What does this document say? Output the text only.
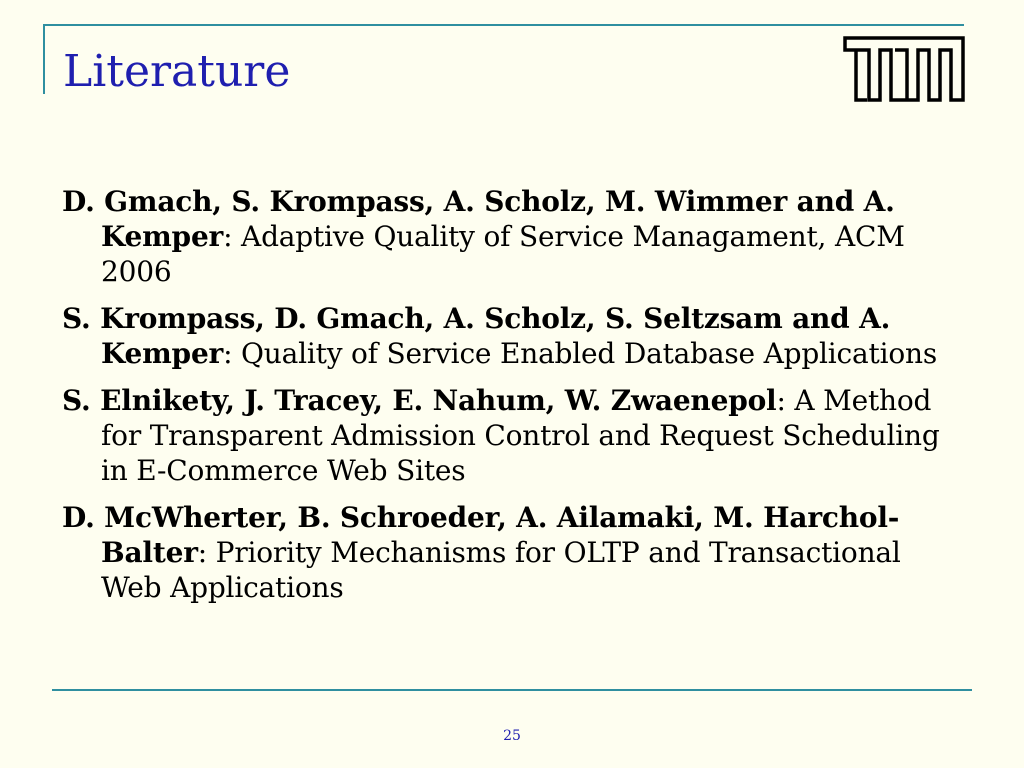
Literature

D. Gmach, S. Krompass, A. Scholz, M. Wimmer and A. Kemper: Adaptive Quality of Service Managament, ACM 2006

S. Krompass, D. Gmach, A. Scholz, S. Seltzsam and A. Kemper: Quality of Service Enabled Database Applications

S. Elnikety, J. Tracey, E. Nahum, W. Zwaenepol: A Method for Transparent Admission Control and Request Scheduling in E-Commerce Web Sites

D. McWherter, B. Schroeder, A. Ailamaki, M. Harchol-Balter: Priority Mechanisms for OLTP and Transactional Web Applications

25
